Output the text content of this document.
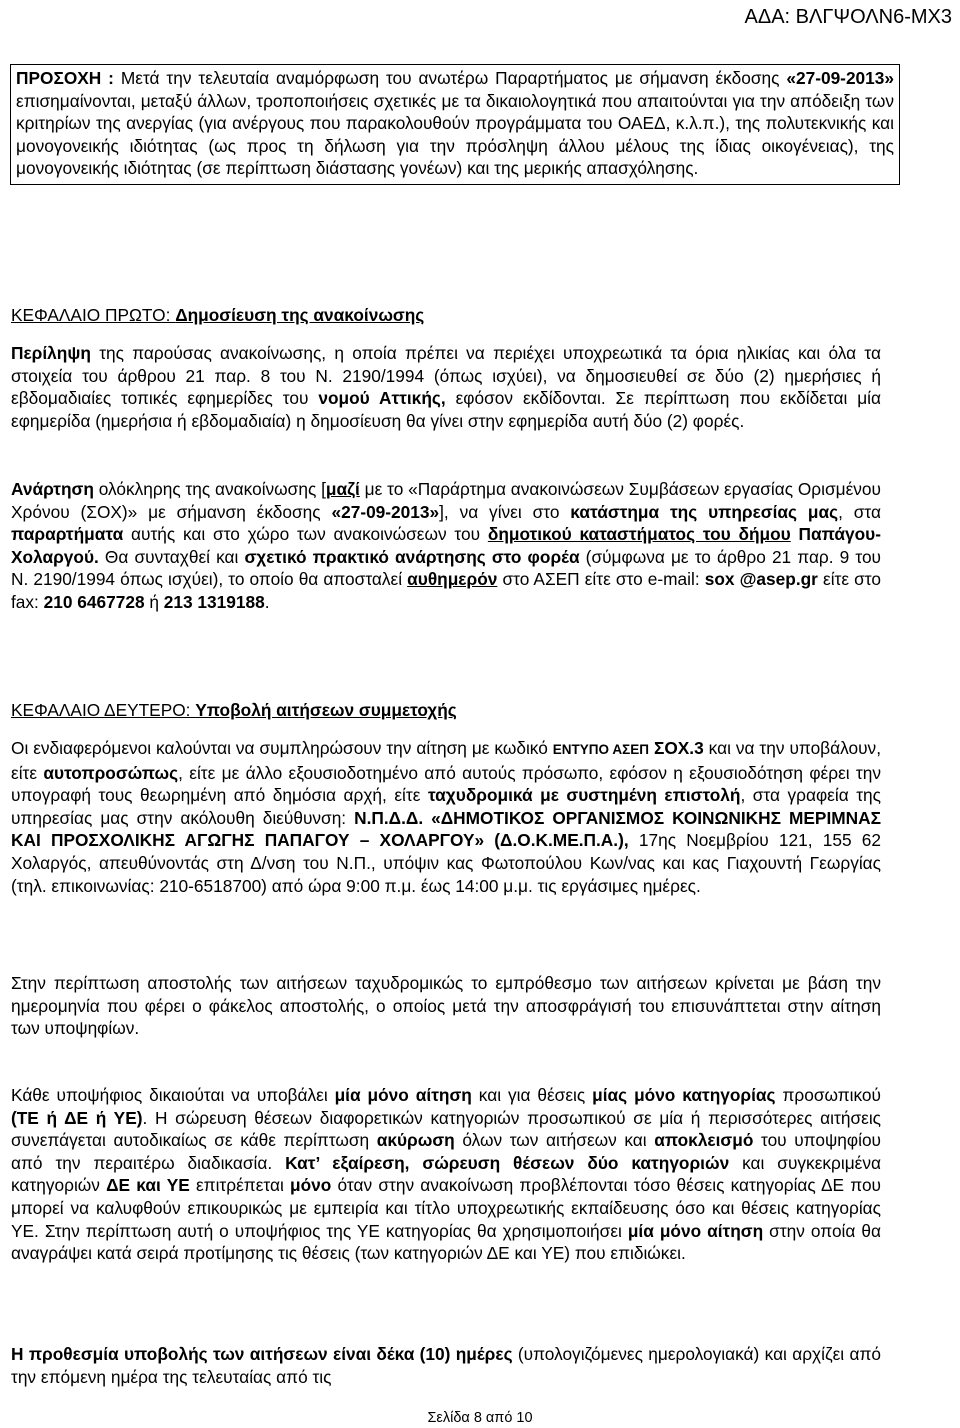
ΑΔΑ: ΒΛΓΨΟΛΝ6-ΜΧ3
ΠΡΟΣΟΧΗ : Μετά την τελευταία αναμόρφωση του ανωτέρω Παραρτήματος με σήμανση έκδοσης «27-09-2013» επισημαίνονται, μεταξύ άλλων, τροποποιήσεις σχετικές με τα δικαιολογητικά που απαιτούνται για την απόδειξη των κριτηρίων της ανεργίας (για ανέργους που παρακολουθούν προγράμματα του ΟΑΕΔ, κ.λ.π.), της πολυτεκνικής και μονογονεικής ιδιότητας (ως προς τη δήλωση για την πρόσληψη άλλου μέλους της ίδιας οικογένειας), της μονογονεικής ιδιότητας (σε περίπτωση διάστασης γονέων) και της μερικής απασχόλησης.
ΚΕΦΑΛΑΙΟ ΠΡΩΤΟ: Δημοσίευση της ανακοίνωσης
Περίληψη της παρούσας ανακοίνωσης, η οποία πρέπει να περιέχει υποχρεωτικά τα όρια ηλικίας και όλα τα στοιχεία του άρθρου 21 παρ. 8 του Ν. 2190/1994 (όπως ισχύει), να δημοσιευθεί σε δύο (2) ημερήσιες ή εβδομαδιαίες τοπικές εφημερίδες του νομού Αττικής, εφόσον εκδίδονται. Σε περίπτωση που εκδίδεται μία εφημερίδα (ημερήσια ή εβδομαδιαία) η δημοσίευση θα γίνει στην εφημερίδα αυτή δύο (2) φορές.
Ανάρτηση ολόκληρης της ανακοίνωσης [μαζί με το «Παράρτημα ανακοινώσεων Συμβάσεων εργασίας Ορισμένου Χρόνου (ΣΟΧ)» με σήμανση έκδοσης «27-09-2013»], να γίνει στο κατάστημα της υπηρεσίας μας, στα παραρτήματα αυτής και στο χώρο των ανακοινώσεων του δημοτικού καταστήματος του δήμου Παπάγου-Χολαργού. Θα συνταχθεί και σχετικό πρακτικό ανάρτησης στο φορέα (σύμφωνα με το άρθρο 21 παρ. 9 του Ν. 2190/1994 όπως ισχύει), το οποίο θα αποσταλεί αυθημερόν στο ΑΣΕΠ είτε στο e-mail: sox @asep.gr είτε στο fax: 210 6467728 ή 213 1319188.
ΚΕΦΑΛΑΙΟ ΔΕΥΤΕΡΟ: Υποβολή αιτήσεων συμμετοχής
Οι ενδιαφερόμενοι καλούνται να συμπληρώσουν την αίτηση με κωδικό ΕΝΤΥΠΟ ΑΣΕΠ ΣΟΧ.3 και να την υποβάλουν, είτε αυτοπροσώπως, είτε με άλλο εξουσιοδοτημένο από αυτούς πρόσωπο, εφόσον η εξουσιοδότηση φέρει την υπογραφή τους θεωρημένη από δημόσια αρχή, είτε ταχυδρομικά με συστημένη επιστολή, στα γραφεία της υπηρεσίας μας στην ακόλουθη διεύθυνση: Ν.Π.Δ.Δ. «ΔΗΜΟΤΙΚΟΣ ΟΡΓΑΝΙΣΜΟΣ ΚΟΙΝΩΝΙΚΗΣ ΜΕΡΙΜΝΑΣ ΚΑΙ ΠΡΟΣΧΟΛΙΚΗΣ ΑΓΩΓΗΣ ΠΑΠΑΓΟΥ – ΧΟΛΑΡΓΟΥ» (Δ.Ο.Κ.ΜΕ.Π.Α.), 17ης Νοεμβρίου 121, 155 62 Χολαργός, απευθύνοντάς στη Δ/νση του Ν.Π., υπόψιν κας Φωτοπούλου Κων/νας και κας Γιαχουντή Γεωργίας (τηλ. επικοινωνίας: 210-6518700) από ώρα 9:00 π.μ. έως 14:00 μ.μ. τις εργάσιμες ημέρες.
Στην περίπτωση αποστολής των αιτήσεων ταχυδρομικώς το εμπρόθεσμο των αιτήσεων κρίνεται με βάση την ημερομηνία που φέρει ο φάκελος αποστολής, ο οποίος μετά την αποσφράγισή του επισυνάπτεται στην αίτηση των υποψηφίων.
Κάθε υποψήφιος δικαιούται να υποβάλει μία μόνο αίτηση και για θέσεις μίας μόνο κατηγορίας προσωπικού (ΤΕ ή ΔΕ ή ΥΕ). Η σώρευση θέσεων διαφορετικών κατηγοριών προσωπικού σε μία ή περισσότερες αιτήσεις συνεπάγεται αυτοδικαίως σε κάθε περίπτωση ακύρωση όλων των αιτήσεων και αποκλεισμό του υποψηφίου από την περαιτέρω διαδικασία. Κατ’ εξαίρεση, σώρευση θέσεων δύο κατηγοριών και συγκεκριμένα κατηγοριών ΔΕ και ΥΕ επιτρέπεται μόνο όταν στην ανακοίνωση προβλέπονται τόσο θέσεις κατηγορίας ΔΕ που μπορεί να καλυφθούν επικουρικώς με εμπειρία και τίτλο υποχρεωτικής εκπαίδευσης όσο και θέσεις κατηγορίας ΥΕ. Στην περίπτωση αυτή ο υποψήφιος της ΥΕ κατηγορίας θα χρησιμοποιήσει μία μόνο αίτηση στην οποία θα αναγράψει κατά σειρά προτίμησης τις θέσεις (των κατηγοριών ΔΕ και ΥΕ) που επιδιώκει.
Η προθεσμία υποβολής των αιτήσεων είναι δέκα (10) ημέρες (υπολογιζόμενες ημερολογιακά) και αρχίζει από την επόμενη ημέρα της τελευταίας από τις
Σελίδα 8 από 10
